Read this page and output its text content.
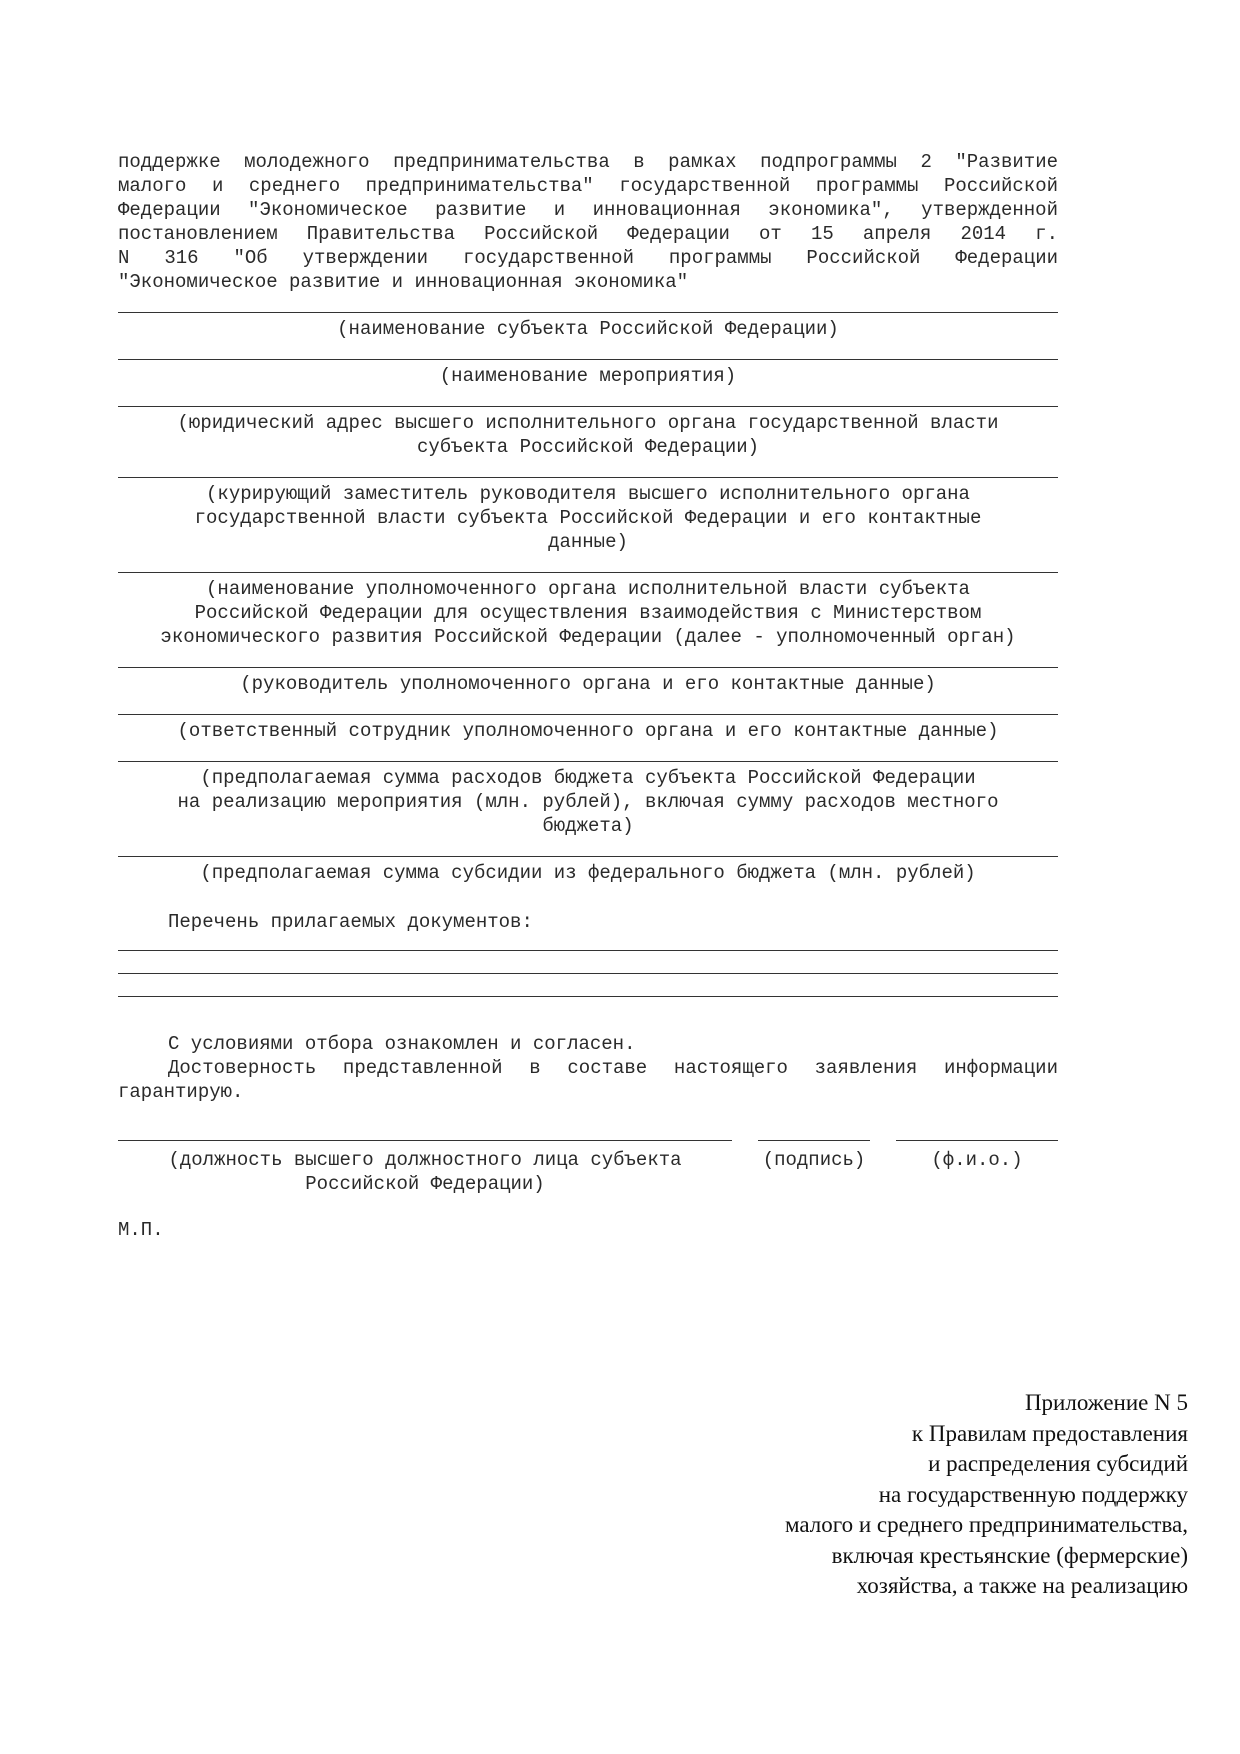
поддержке молодежного предпринимательства в рамках подпрограммы 2 "Развитие
малого и среднего предпринимательства" государственной программы Российской
Федерации "Экономическое развитие и инновационная экономика", утвержденной
постановлением Правительства Российской Федерации от 15 апреля 2014 г.
N 316 "Об утверждении государственной программы Российской Федерации
"Экономическое развитие и инновационная экономика"
(наименование субъекта Российской Федерации)
(наименование мероприятия)
(юридический адрес высшего исполнительного органа государственной власти
субъекта Российской Федерации)
(курирующий заместитель руководителя высшего исполнительного органа
государственной власти субъекта Российской Федерации и его контактные
данные)
(наименование уполномоченного органа исполнительной власти субъекта
Российской Федерации для осуществления взаимодействия с Министерством
экономического развития Российской Федерации (далее - уполномоченный орган)
(руководитель уполномоченного органа и его контактные данные)
(ответственный сотрудник уполномоченного органа и его контактные данные)
(предполагаемая сумма расходов бюджета субъекта Российской Федерации
на реализацию мероприятия (млн. рублей), включая сумму расходов местного
бюджета)
(предполагаемая сумма субсидии из федерального бюджета (млн. рублей)
Перечень прилагаемых документов:
С условиями отбора ознакомлен и согласен.
Достоверность представленной в составе настоящего заявления информации
гарантирую.
(должность высшего должностного лица субъекта
Российской Федерации)
(подпись)	(ф.и.о.)
М.П.
Приложение N 5
к Правилам предоставления
и распределения субсидий
на государственную поддержку
малого и среднего предпринимательства,
включая крестьянские (фермерские)
хозяйства, а также на реализацию
